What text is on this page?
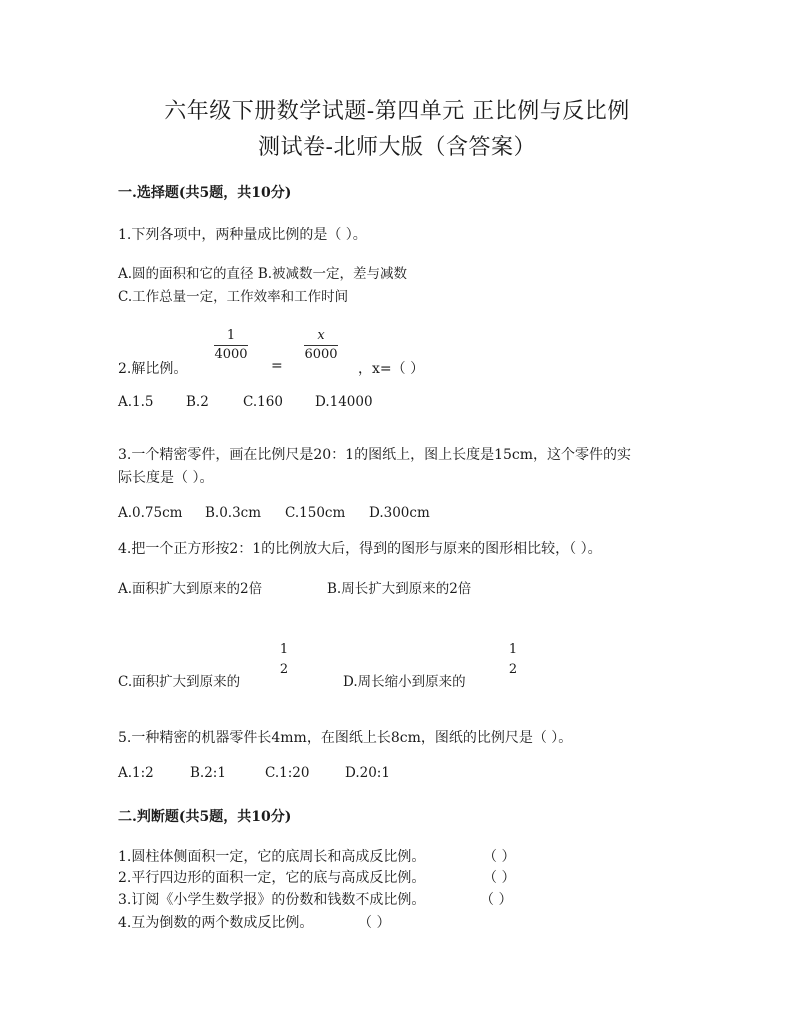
六年级下册数学试题-第四单元 正比例与反比例
测试卷-北师大版（含答案）
一.选择题(共5题，共10分)
1.下列各项中，两种量成比例的是（ ）。
A.圆的面积和它的直径 B.被减数一定，差与减数
C.工作总量一定，工作效率和工作时间
2.解比例。
1
4000
=
x
6000
，x=（ ）
A.1.5 B.2	C.160 D.14000
3.一个精密零件，画在比例尺是20：1的图纸上，图上长度是15cm，这个零件的实
际长度是（ ）。
A.0.75cm B.0.3cm C.150cm D.300cm
4.把一个正方形按2：1的比例放大后，得到的图形与原来的图形相比较，（ ）。
A.面积扩大到原来的2倍	B.周长扩大到原来的2倍
1
2
1
2
C.面积扩大到原来的	D.周长缩小到原来的
5.一种精密的机器零件长4mm，在图纸上长8cm，图纸的比例尺是（ ）。
A.1:2	B.2:1	C.1:20	D.20:1
二.判断题(共5题，共10分)
1.圆柱体侧面积一定，它的底周长和高成反比例。	（ ）
2.平行四边形的面积一定，它的底与高成反比例。	（ ）
3.订阅《小学生数学报》的份数和钱数不成比例。	（ ）
4.互为倒数的两个数成反比例。	（ ）
